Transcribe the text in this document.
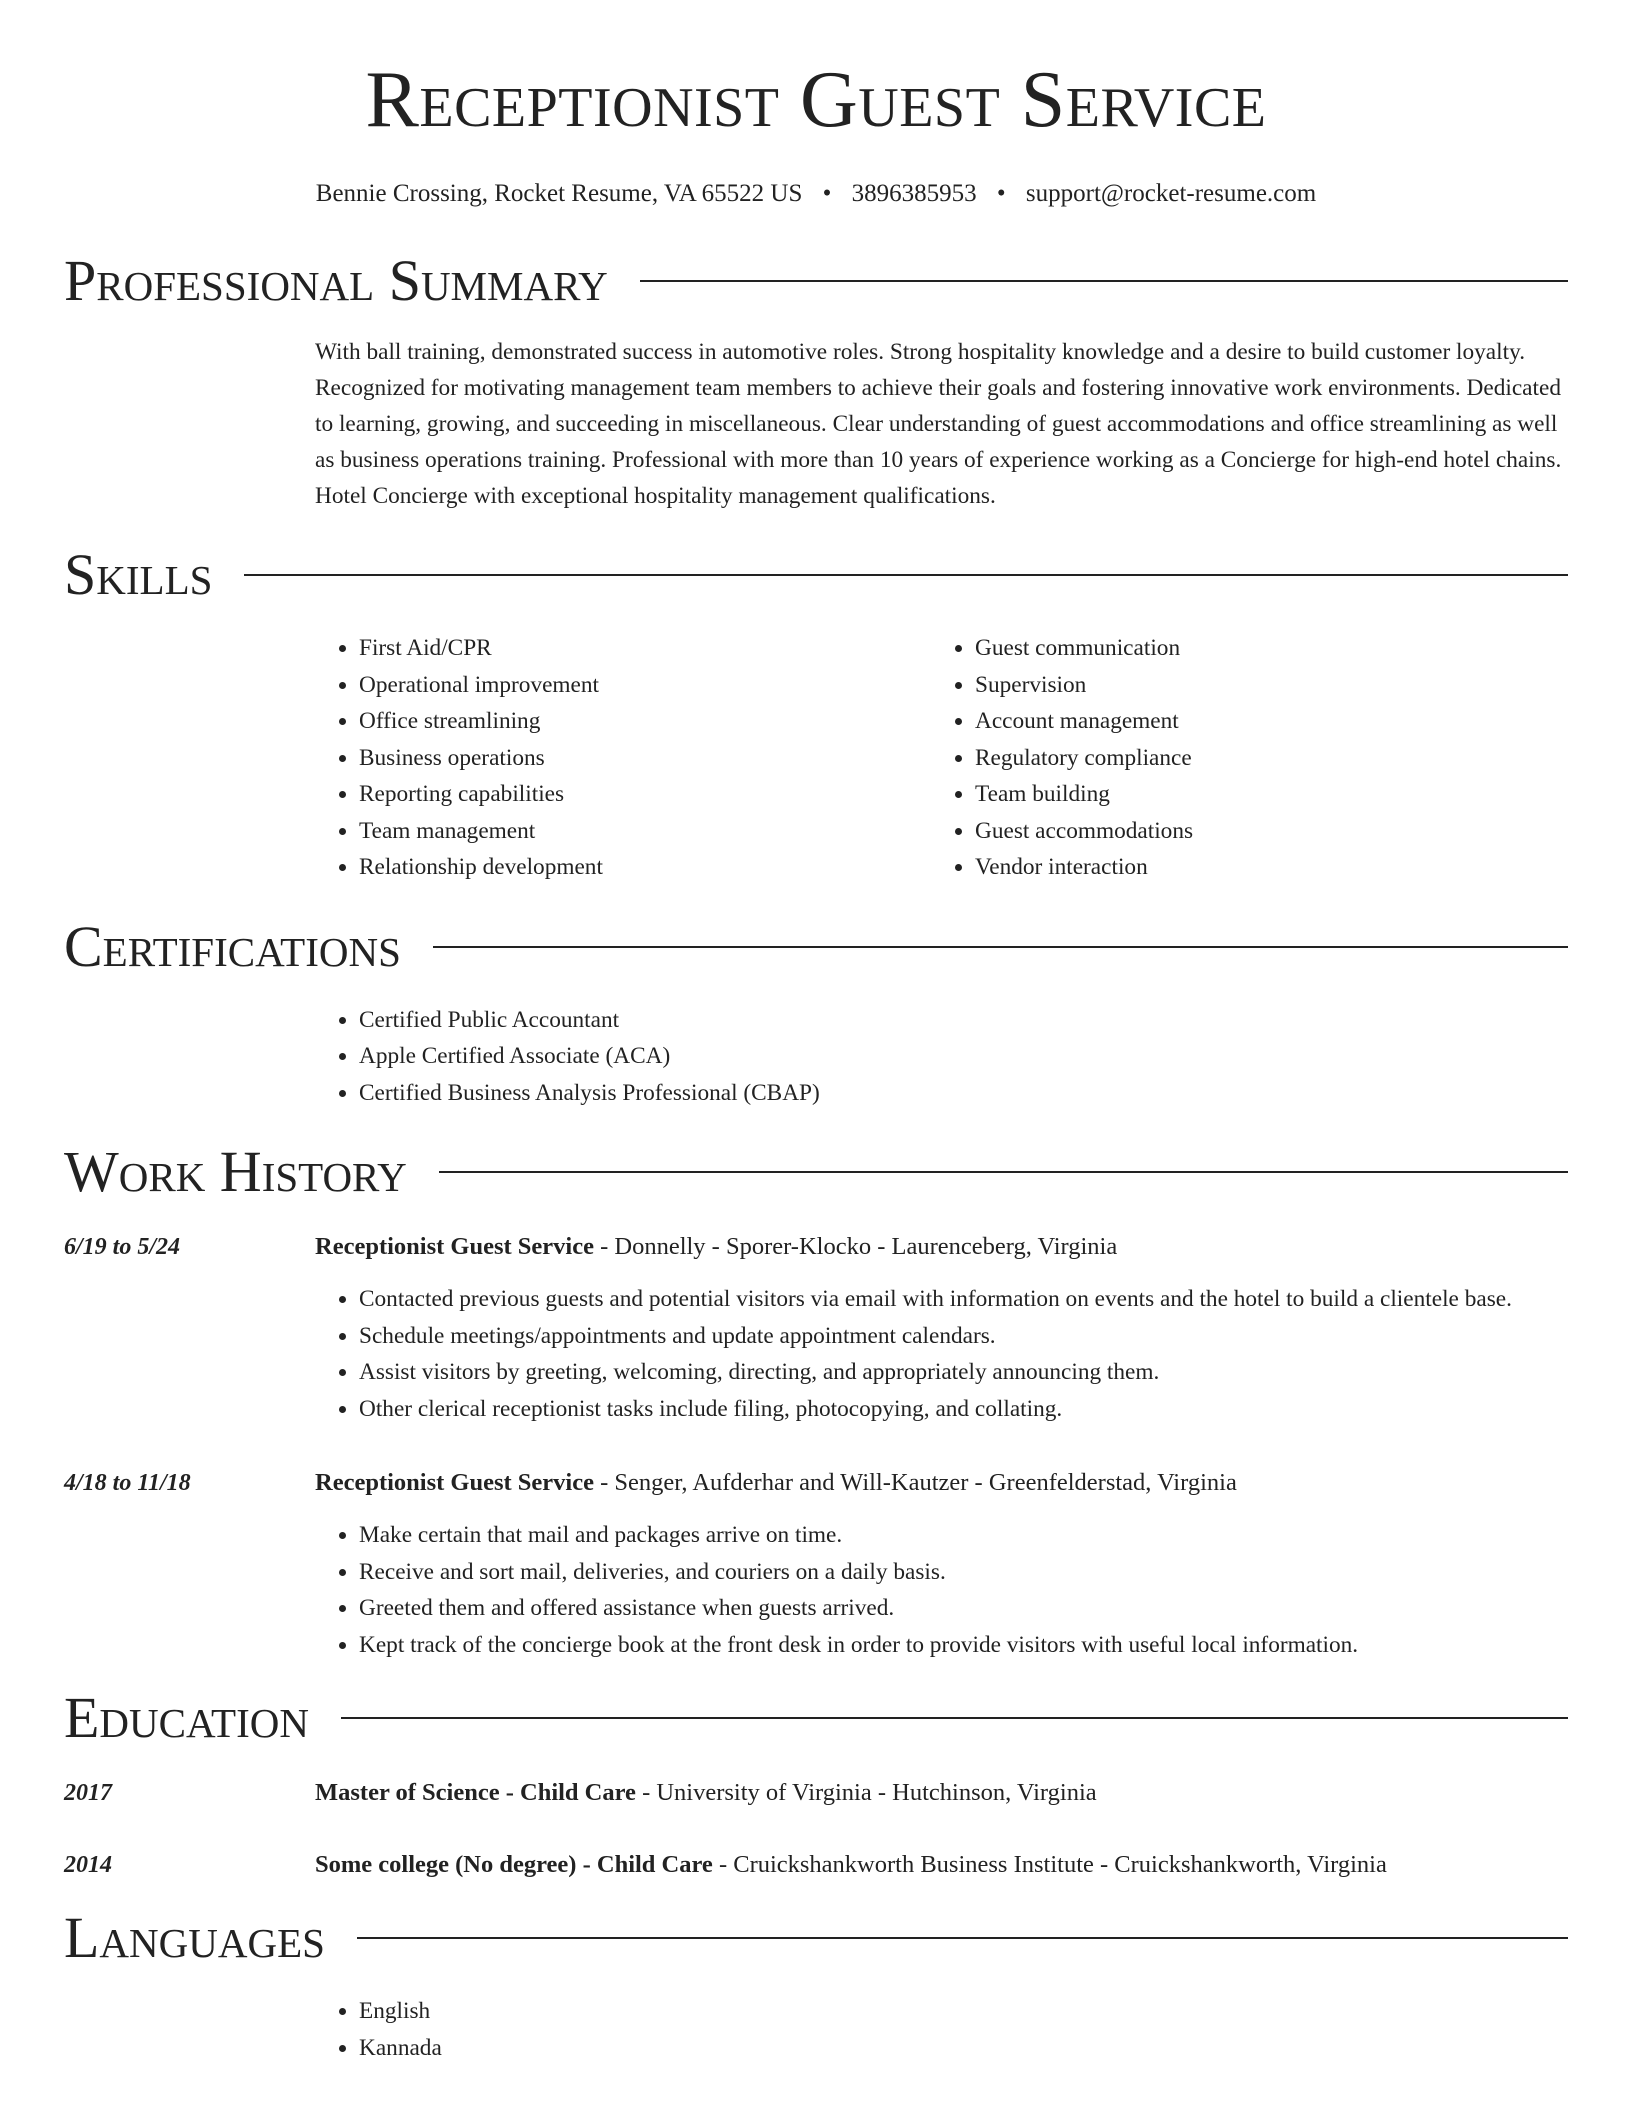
Receptionist Guest Service
Bennie Crossing, Rocket Resume, VA 65522 US • 3896385953 • support@rocket-resume.com
Professional Summary
With ball training, demonstrated success in automotive roles. Strong hospitality knowledge and a desire to build customer loyalty. Recognized for motivating management team members to achieve their goals and fostering innovative work environments. Dedicated to learning, growing, and succeeding in miscellaneous. Clear understanding of guest accommodations and office streamlining as well as business operations training. Professional with more than 10 years of experience working as a Concierge for high-end hotel chains. Hotel Concierge with exceptional hospitality management qualifications.
Skills
• First Aid/CPR
• Operational improvement
• Office streamlining
• Business operations
• Reporting capabilities
• Team management
• Relationship development
• Guest communication
• Supervision
• Account management
• Regulatory compliance
• Team building
• Guest accommodations
• Vendor interaction
Certifications
• Certified Public Accountant
• Apple Certified Associate (ACA)
• Certified Business Analysis Professional (CBAP)
Work History
6/19 to 5/24	Receptionist Guest Service - Donnelly - Sporer-Klocko - Laurenceberg, Virginia
• Contacted previous guests and potential visitors via email with information on events and the hotel to build a clientele base.
• Schedule meetings/appointments and update appointment calendars.
• Assist visitors by greeting, welcoming, directing, and appropriately announcing them.
• Other clerical receptionist tasks include filing, photocopying, and collating.
4/18 to 11/18	Receptionist Guest Service - Senger, Aufderhar and Will-Kautzer - Greenfelderstad, Virginia
• Make certain that mail and packages arrive on time.
• Receive and sort mail, deliveries, and couriers on a daily basis.
• Greeted them and offered assistance when guests arrived.
• Kept track of the concierge book at the front desk in order to provide visitors with useful local information.
Education
2017	Master of Science - Child Care - University of Virginia - Hutchinson, Virginia
2014	Some college (No degree) - Child Care - Cruickshankworth Business Institute - Cruickshankworth, Virginia
Languages
• English
• Kannada
